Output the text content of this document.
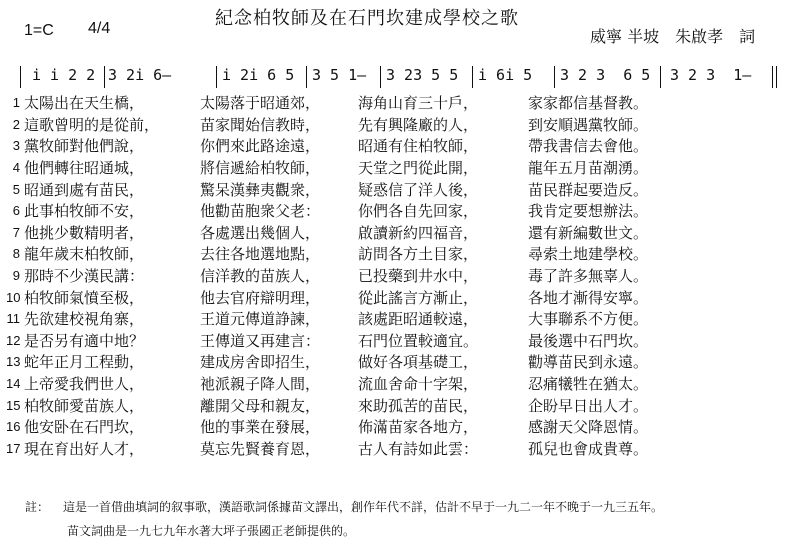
紀念柏牧師及在石門坎建成學校之歌
1=C 4/4	威寧 半坡　朱啟孝　詞
i i 2 2 3 2i 6—	i 2i 6 5 3 5 1— 3 23 5 5 i 6i 5 3 2 3  6 5 3 2 3  1—
1 太陽出在天生橋，	太陽落于昭通郊，	海角山育三十戶，	家家都信基督教。
2 這歌曾明的是從前，	苗家聞始信教時，	先有興隆廠的人，	到安順遇黨牧師。
3 黨牧師對他們說，	你們來此路途遠，	昭通有住柏牧師，	帶我書信去會他。
4 他們轉往昭通城，	將信遞給柏牧師，	天堂之門從此開，	龍年五月苗潮湧。
5 昭通到處有苗民，	驚呆漢彝夷觀衆，	疑惑信了洋人後，	苗民群起要造反。
6 此事柏牧師不安，	他勸苗胞衆父老：	你們各自先回家，	我肯定要想辦法。
7 他挑少數精明者，	各處選出幾個人，	啟讀新約四福音，	還有新編數世文。
8 龍年歲末柏牧師，	去往各地選地點，	訪問各方土目家，	尋索土地建學校。
9 那時不少漢民講：	信洋教的苗族人，	已投藥到井水中，	毒了許多無辜人。
10 柏牧師氣憤至极，	他去官府辯明理，	從此謠言方漸止，	各地才漸得安寧。
11 先欲建校視角寨，	王道元傳道諍諫，	該處距昭通較遠，	大事聯系不方便。
12 是否另有適中地？	王傳道又再建言：	石門位置較適宜。	最後選中石門坎。
13 蛇年正月工程動，	建成房舍即招生，	做好各項基礎工，	勸導苗民到永遠。
14 上帝愛我們世人，	祂派親子降人間，	流血舍命十字架，	忍痛犧牲在猶太。
15 柏牧師愛苗族人，	離開父母和親友，	來助孤苦的苗民，	企盼早日出人才。
16 他安卧在石門坎，	他的事業在發展，	佈滿苗家各地方，	感謝天父降恩情。
17 現在育出好人才，	莫忘先賢養育恩，	古人有詩如此雲：	孤兒也會成貴尊。
註： 這是一首借曲填詞的叙事歌，漢語歌詞係據苗文譯出，創作年代不詳，估計不早于一九二一年不晚于一九三五年。
苗文詞曲是一九七九年水著大坪子張國正老師提供的。
